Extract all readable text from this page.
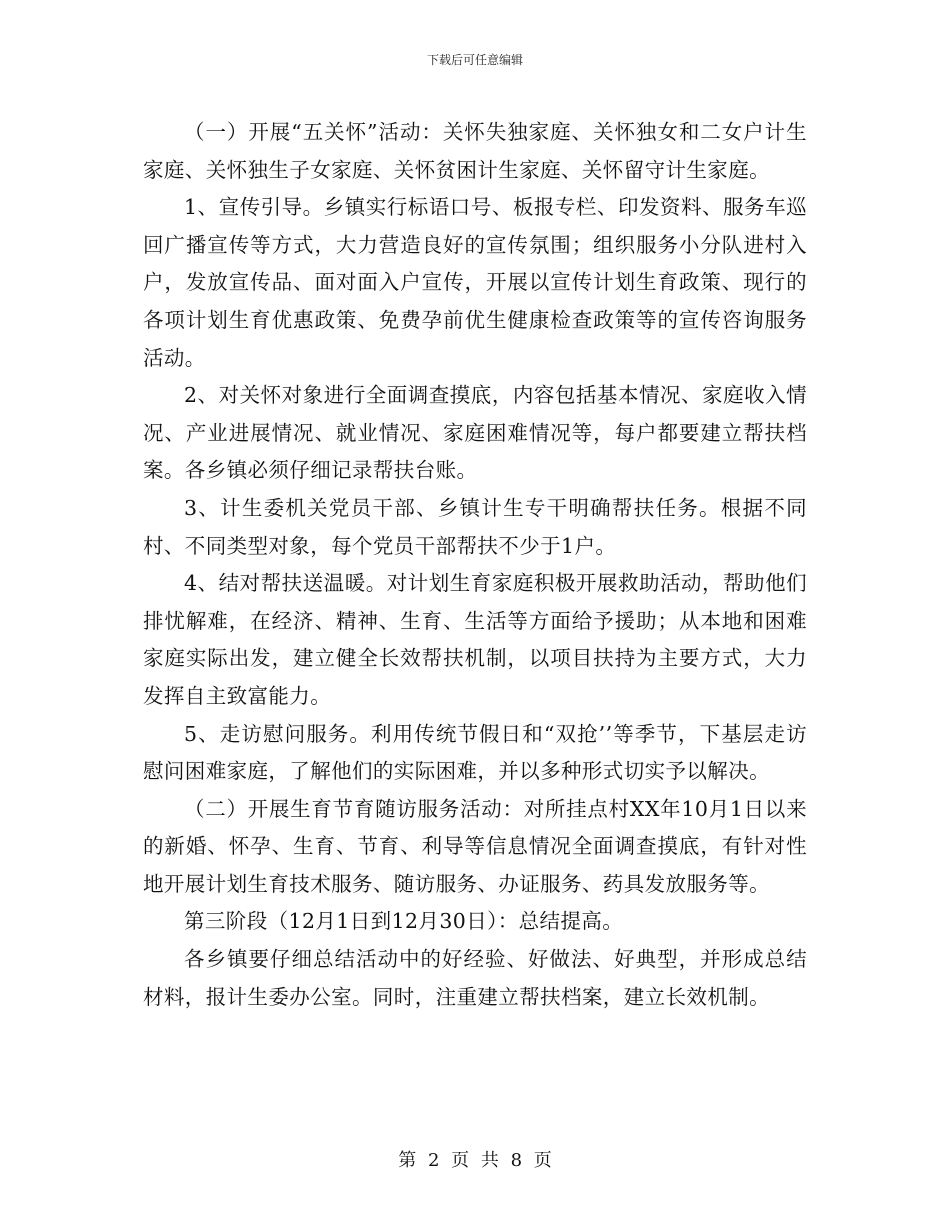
下载后可任意编辑

（一）开展“五关怀”活动：关怀失独家庭、关怀独女和二女户计生家庭、关怀独生子女家庭、关怀贫困计生家庭、关怀留守计生家庭。

1、宣传引导。乡镇实行标语口号、板报专栏、印发资料、服务车巡回广播宣传等方式，大力营造良好的宣传氛围；组织服务小分队进村入户，发放宣传品、面对面入户宣传，开展以宣传计划生育政策、现行的各项计划生育优惠政策、免费孕前优生健康检查政策等的宣传咨询服务活动。

2、对关怀对象进行全面调查摸底，内容包括基本情况、家庭收入情况、产业进展情况、就业情况、家庭困难情况等，每户都要建立帮扶档案。各乡镇必须仔细记录帮扶台账。

3、计生委机关党员干部、乡镇计生专干明确帮扶任务。根据不同村、不同类型对象，每个党员干部帮扶不少于1户。

4、结对帮扶送温暖。对计划生育家庭积极开展救助活动，帮助他们排忧解难，在经济、精神、生育、生活等方面给予援助；从本地和困难家庭实际出发，建立健全长效帮扶机制，以项目扶持为主要方式，大力发挥自主致富能力。

5、走访慰问服务。利用传统节假日和“双抢’’等季节，下基层走访慰问困难家庭，了解他们的实际困难，并以多种形式切实予以解决。

（二）开展生育节育随访服务活动：对所挂点村XX年10月1日以来的新婚、怀孕、生育、节育、利导等信息情况全面调查摸底，有针对性地开展计划生育技术服务、随访服务、办证服务、药具发放服务等。

第三阶段（12月1日到12月30日）：总结提高。

各乡镇要仔细总结活动中的好经验、好做法、好典型，并形成总结材料，报计生委办公室。同时，注重建立帮扶档案，建立长效机制。

第 2 页 共 8 页
